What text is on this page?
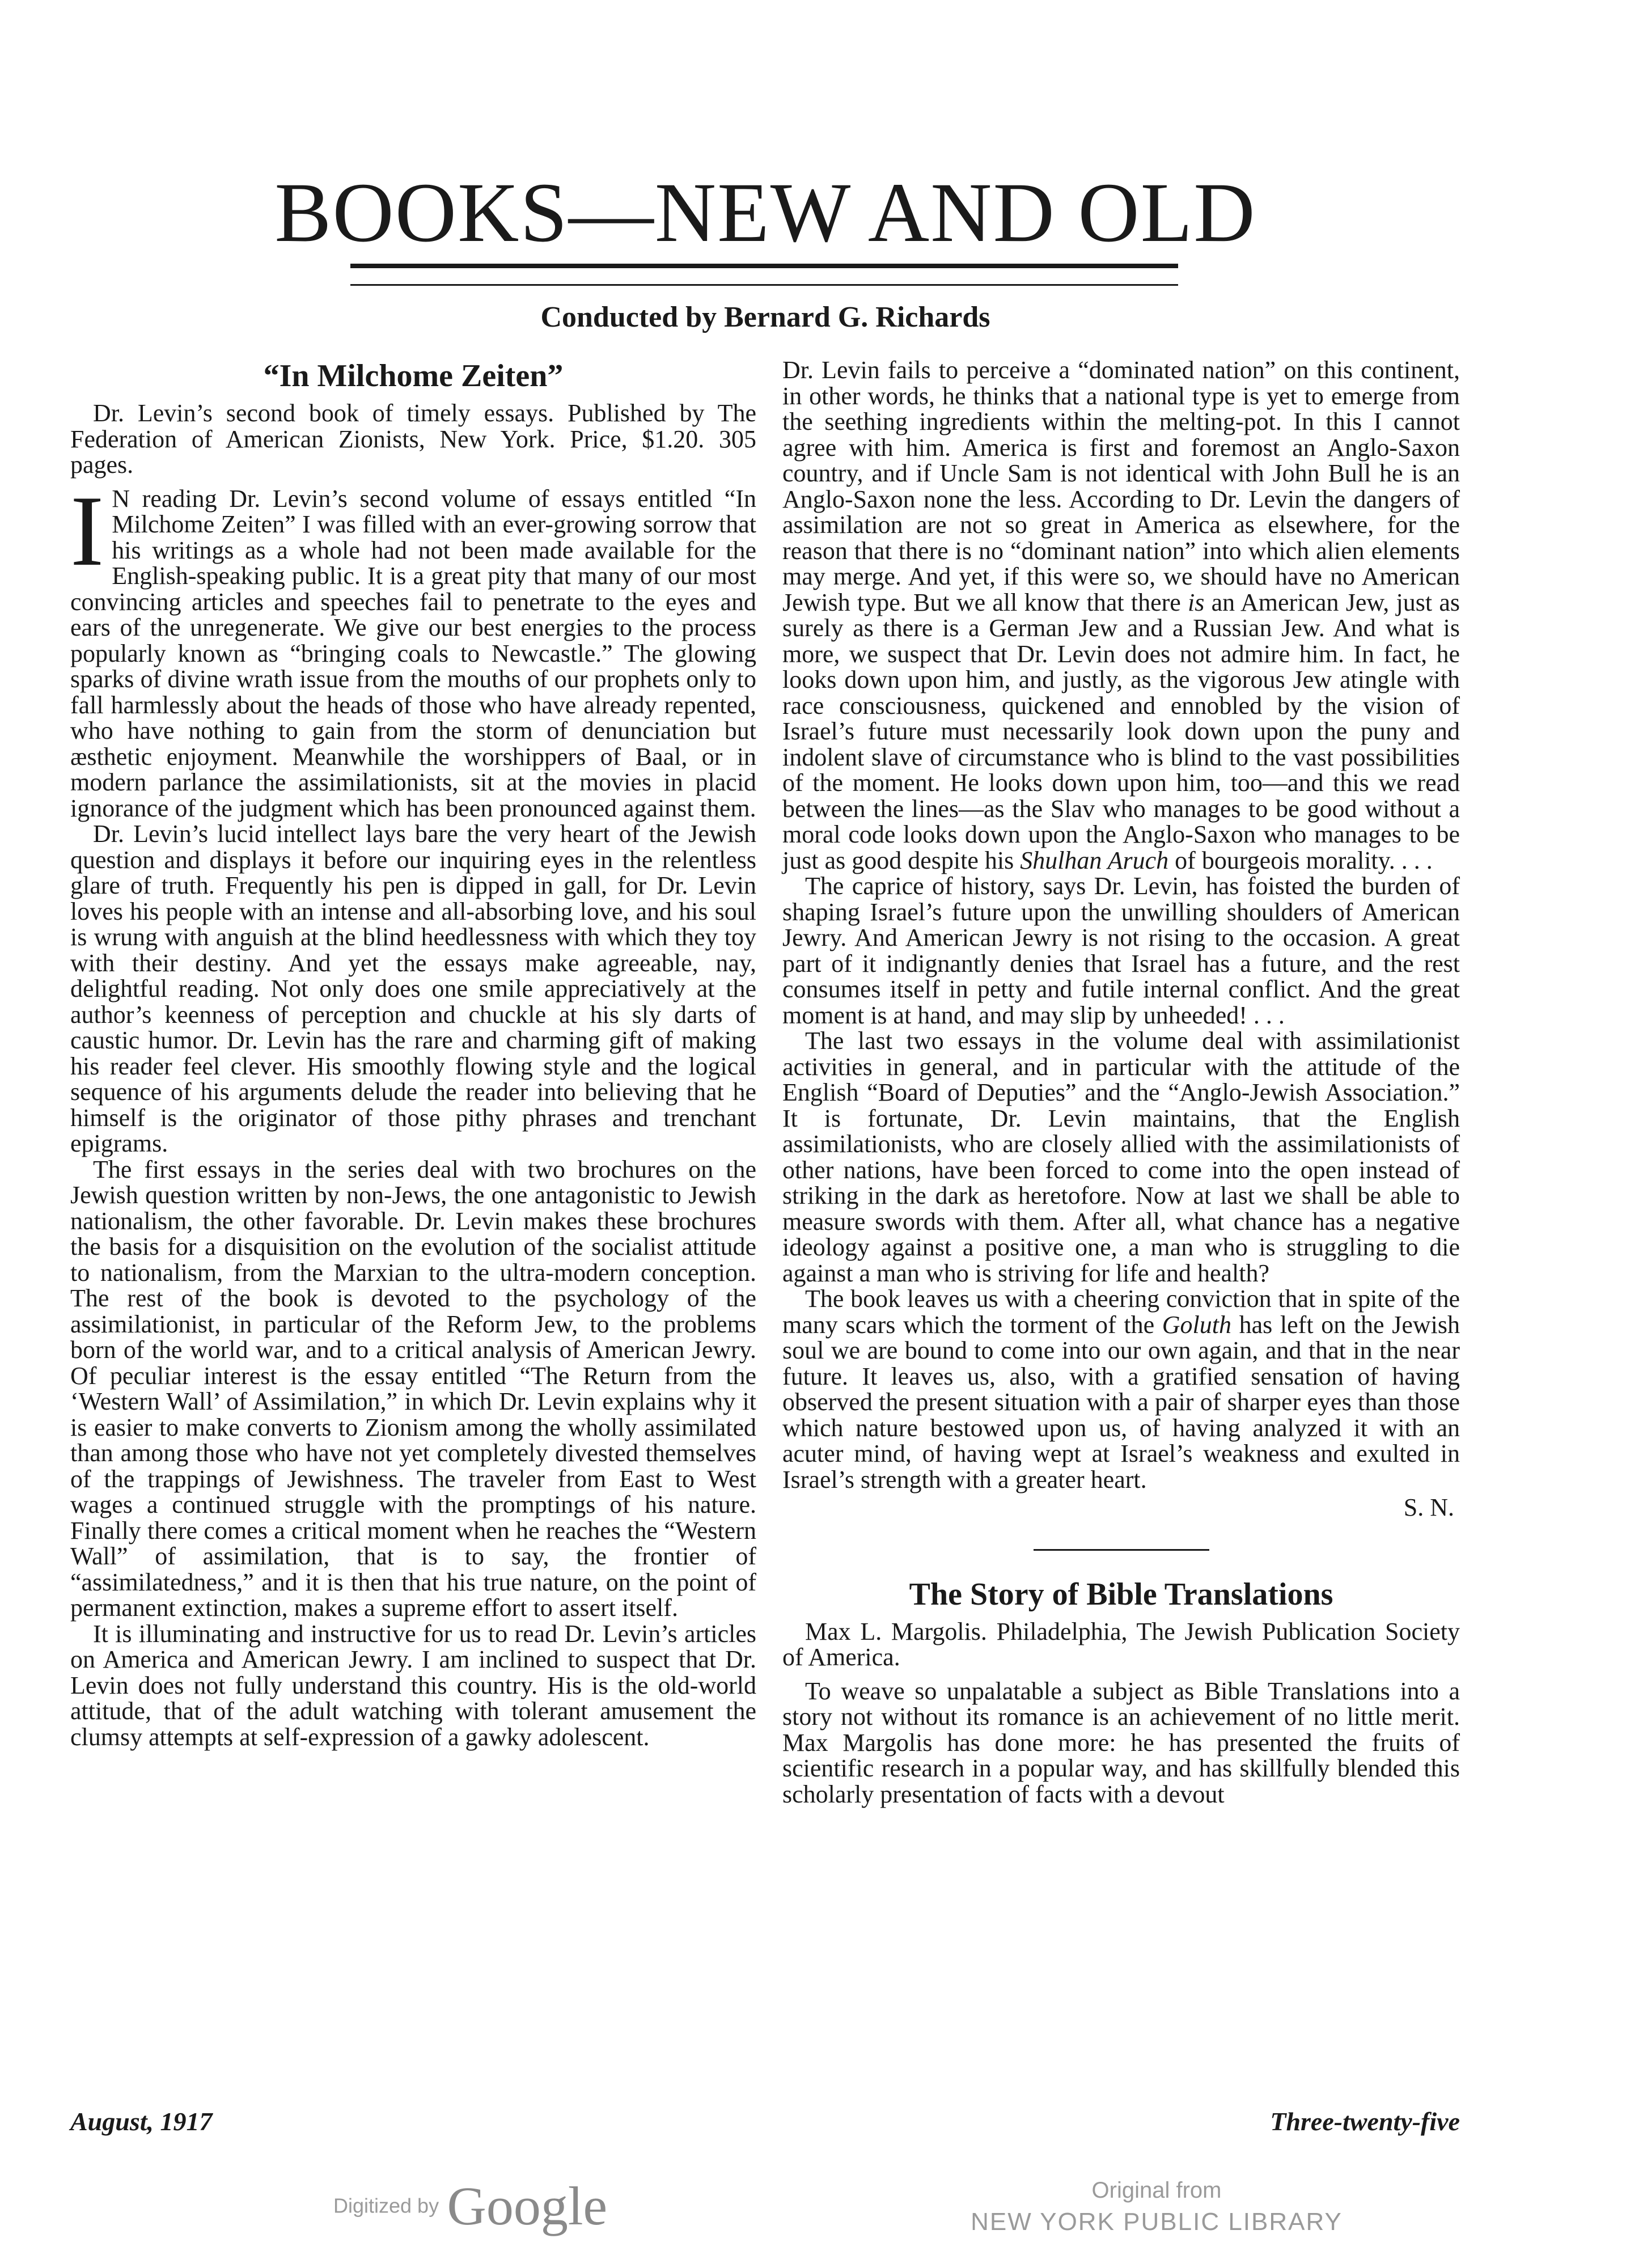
BOOKS—NEW AND OLD
Conducted by Bernard G. Richards
“In Milchome Zeiten”

Dr. Levin’s second book of timely essays. Published by The Federation of American Zionists, New York. Price, $1.20. 305 pages.

I N reading Dr. Levin’s second volume of essays entitled “In Milchome Zeiten” I was filled with an ever-growing sorrow that his writings as a whole had not been made available for the English-speaking public. It is a great pity that many of our most convincing articles and speeches fail to penetrate to the eyes and ears of the unregenerate. We give our best energies to the process popularly known as “bringing coals to Newcastle.” The glowing sparks of divine wrath issue from the mouths of our prophets only to fall harmlessly about the heads of those who have already repented, who have nothing to gain from the storm of denunciation but æsthetic enjoyment. Meanwhile the worshippers of Baal, or in modern parlance the assimilationists, sit at the movies in placid ignorance of the judgment which has been pronounced against them.

Dr. Levin’s lucid intellect lays bare the very heart of the Jewish question and displays it before our inquiring eyes in the relentless glare of truth. Frequently his pen is dipped in gall, for Dr. Levin loves his people with an intense and all-absorbing love, and his soul is wrung with anguish at the blind heedlessness with which they toy with their destiny. And yet the essays make agreeable, nay, delightful reading. Not only does one smile appreciatively at the author’s keenness of perception and chuckle at his sly darts of caustic humor. Dr. Levin has the rare and charming gift of making his reader feel clever. His smoothly flowing style and the logical sequence of his arguments delude the reader into believing that he himself is the originator of those pithy phrases and trenchant epigrams.

The first essays in the series deal with two brochures on the Jewish question written by non-Jews, the one antagonistic to Jewish nationalism, the other favorable. Dr. Levin makes these brochures the basis for a disquisition on the evolution of the socialist attitude to nationalism, from the Marxian to the ultra-modern conception. The rest of the book is devoted to the psychology of the assimilationist, in particular of the Reform Jew, to the problems born of the world war, and to a critical analysis of American Jewry. Of peculiar interest is the essay entitled “The Return from the ‘Western Wall’ of Assimilation,” in which Dr. Levin explains why it is easier to make converts to Zionism among the wholly assimilated than among those who have not yet completely divested themselves of the trappings of Jewishness. The traveler from East to West wages a continued struggle with the promptings of his nature. Finally there comes a critical moment when he reaches the “Western Wall” of assimilation, that is to say, the frontier of “assimilatedness,” and it is then that his true nature, on the point of permanent extinction, makes a supreme effort to assert itself.

It is illuminating and instructive for us to read Dr. Levin’s articles on America and American Jewry. I am inclined to suspect that Dr. Levin does not fully understand this country. His is the old-world attitude, that of the adult watching with tolerant amusement the clumsy attempts at self-expression of a gawky adolescent.

Dr. Levin fails to perceive a “dominated nation” on this continent, in other words, he thinks that a national type is yet to emerge from the seething ingredients within the melting-pot. In this I cannot agree with him. America is first and foremost an Anglo-Saxon country, and if Uncle Sam is not identical with John Bull he is an Anglo-Saxon none the less. According to Dr. Levin the dangers of assimilation are not so great in America as elsewhere, for the reason that there is no “dominant nation” into which alien elements may merge. And yet, if this were so, we should have no American Jewish type. But we all know that there is an American Jew, just as surely as there is a German Jew and a Russian Jew. And what is more, we suspect that Dr. Levin does not admire him. In fact, he looks down upon him, and justly, as the vigorous Jew atingle with race consciousness, quickened and ennobled by the vision of Israel’s future must necessarily look down upon the puny and indolent slave of circumstance who is blind to the vast possibilities of the moment. He looks down upon him, too—and this we read between the lines—as the Slav who manages to be good without a moral code looks down upon the Anglo-Saxon who manages to be just as good despite his Shulhan Aruch of bourgeois morality. . . .

The caprice of history, says Dr. Levin, has foisted the burden of shaping Israel’s future upon the unwilling shoulders of American Jewry. And American Jewry is not rising to the occasion. A great part of it indignantly denies that Israel has a future, and the rest consumes itself in petty and futile internal conflict. And the great moment is at hand, and may slip by unheeded! . . .

The last two essays in the volume deal with assimilationist activities in general, and in particular with the attitude of the English “Board of Deputies” and the “Anglo-Jewish Association.” It is fortunate, Dr. Levin maintains, that the English assimilationists, who are closely allied with the assimilationists of other nations, have been forced to come into the open instead of striking in the dark as heretofore. Now at last we shall be able to measure swords with them. After all, what chance has a negative ideology against a positive one, a man who is struggling to die against a man who is striving for life and health?

The book leaves us with a cheering conviction that in spite of the many scars which the torment of the Goluth has left on the Jewish soul we are bound to come into our own again, and that in the near future. It leaves us, also, with a gratified sensation of having observed the present situation with a pair of sharper eyes than those which nature bestowed upon us, of having analyzed it with an acuter mind, of having wept at Israel’s weakness and exulted in Israel’s strength with a greater heart.

S. N.
The Story of Bible Translations

Max L. Margolis. Philadelphia, The Jewish Publication Society of America.

To weave so unpalatable a subject as Bible Translations into a story not without its romance is an achievement of no little merit. Max Margolis has done more: he has presented the fruits of scientific research in a popular way, and has skillfully blended this scholarly presentation of facts with a devout

August, 1917	Three-twenty-five
Digitized by Google	Original from
NEW YORK PUBLIC LIBRARY
